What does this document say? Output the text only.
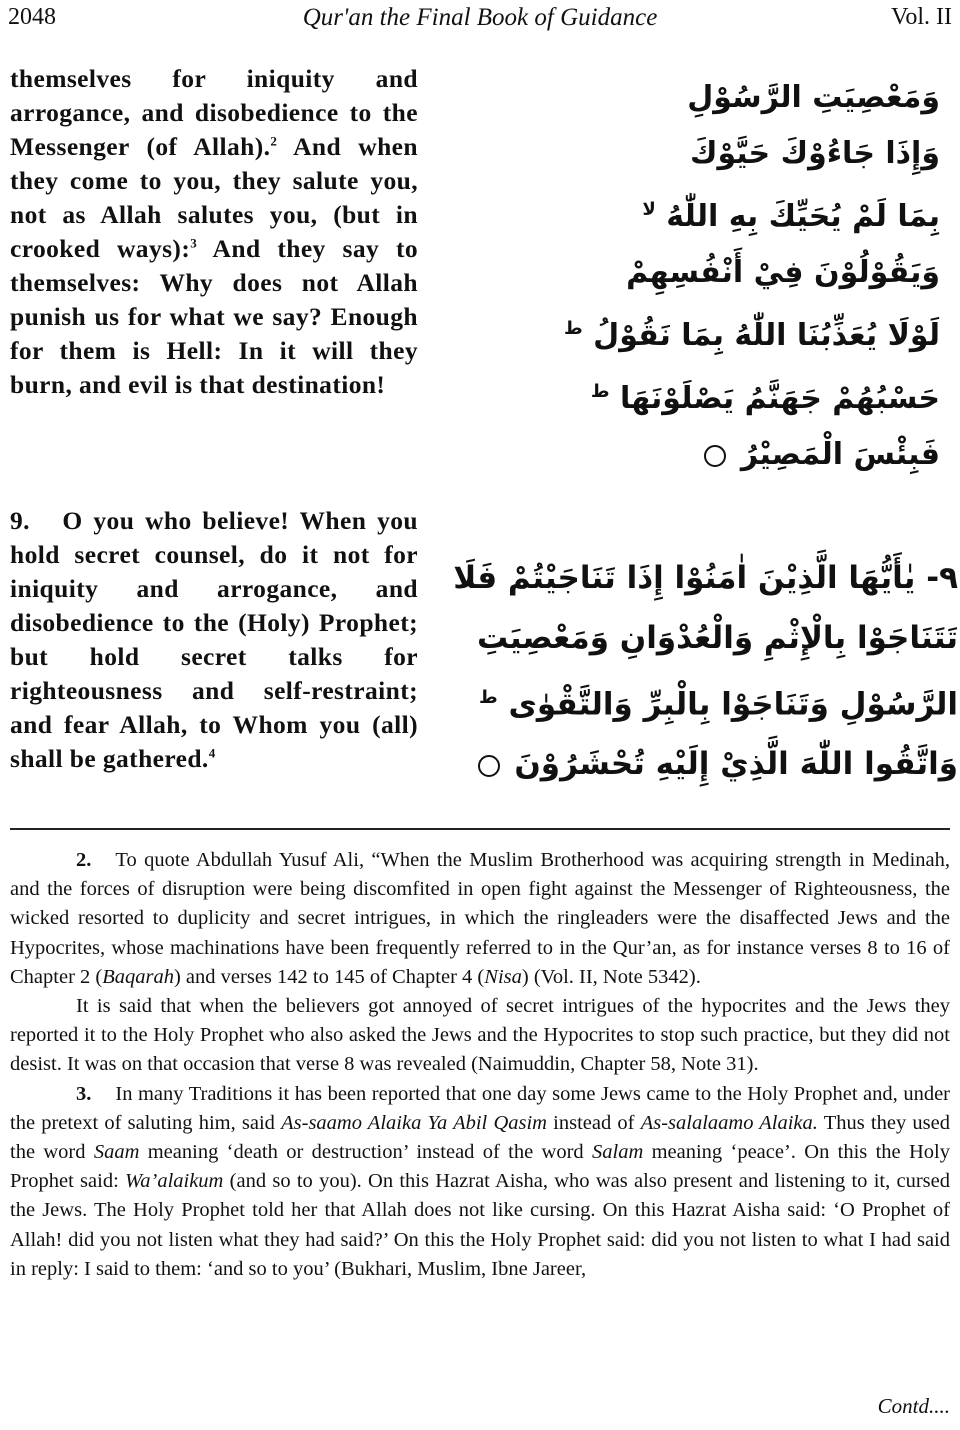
2048	Qur'an the Final Book of Guidance	Vol. II

themselves for iniquity and arrogance, and disobedience to the Messenger (of Allah).$^2$ And when they come to you, they salute you, not as Allah salutes you, (but in crooked ways):$^3$ And they say to themselves: Why does not Allah punish us for what we say? Enough for them is Hell: In it will they burn, and evil is that destination!

وَمَعْصِيَتِ الرَّسُوْلِ
وَإِذَا جَاءُوْكَ حَيَّوْكَ
بِمَا لَمْ يُحَيِّكَ بِهِ اللّٰهُ $^{لا}$
وَيَقُوْلُوْنَ فِيْ أَنْفُسِهِمْ
لَوْلَا يُعَذِّبُنَا اللّٰهُ بِمَا نَقُوْلُ $^ط$
حَسْبُهُمْ جَهَنَّمُ يَصْلَوْنَهَا $^ط$
فَبِئْسَ الْمَصِيْرُ

9. O you who believe! When you hold secret counsel, do it not for iniquity and arrogance, and disobedience to the (Holy) Prophet; but hold secret talks for righteousness and self-restraint; and fear Allah, to Whom you (all) shall be gathered.$^4$

٩- يٰأَيُّهَا الَّذِيْنَ اٰمَنُوْا إِذَا تَنَاجَيْتُمْ فَلَا
تَتَنَاجَوْا بِالْإِثْمِ وَالْعُدْوَانِ وَمَعْصِيَتِ
الرَّسُوْلِ وَتَنَاجَوْا بِالْبِرِّ وَالتَّقْوٰى $^ط$
وَاتَّقُوا اللّٰهَ الَّذِيْ إِلَيْهِ تُحْشَرُوْنَ

2. To quote Abdullah Yusuf Ali, “When the Muslim Brotherhood was acquiring strength in Medinah, and the forces of disruption were being discomfited in open fight against the Messenger of Righteousness, the wicked resorted to duplicity and secret intrigues, in which the ringleaders were the disaffected Jews and the Hypocrites, whose machinations have been frequently referred to in the Qur’an, as for instance verses 8 to 16 of Chapter 2 (Baqarah) and verses 142 to 145 of Chapter 4 (Nisa) (Vol. II, Note 5342).

It is said that when the believers got annoyed of secret intrigues of the hypocrites and the Jews they reported it to the Holy Prophet who also asked the Jews and the Hypocrites to stop such practice, but they did not desist. It was on that occasion that verse 8 was revealed (Naimuddin, Chapter 58, Note 31).

3. In many Traditions it has been reported that one day some Jews came to the Holy Prophet and, under the pretext of saluting him, said As-saamo Alaika Ya Abil Qasim instead of As-salalaamo Alaika. Thus they used the word Saam meaning ‘death or destruction’ instead of the word Salam meaning ‘peace’. On this the Holy Prophet said: Wa’alaikum (and so to you). On this Hazrat Aisha, who was also present and listening to it, cursed the Jews. The Holy Prophet told her that Allah does not like cursing. On this Hazrat Aisha said: ‘O Prophet of Allah! did you not listen what they had said?’ On this the Holy Prophet said: did you not listen to what I had said in reply: I said to them: ‘and so to you’ (Bukhari, Muslim, Ibne Jareer,

Contd....
